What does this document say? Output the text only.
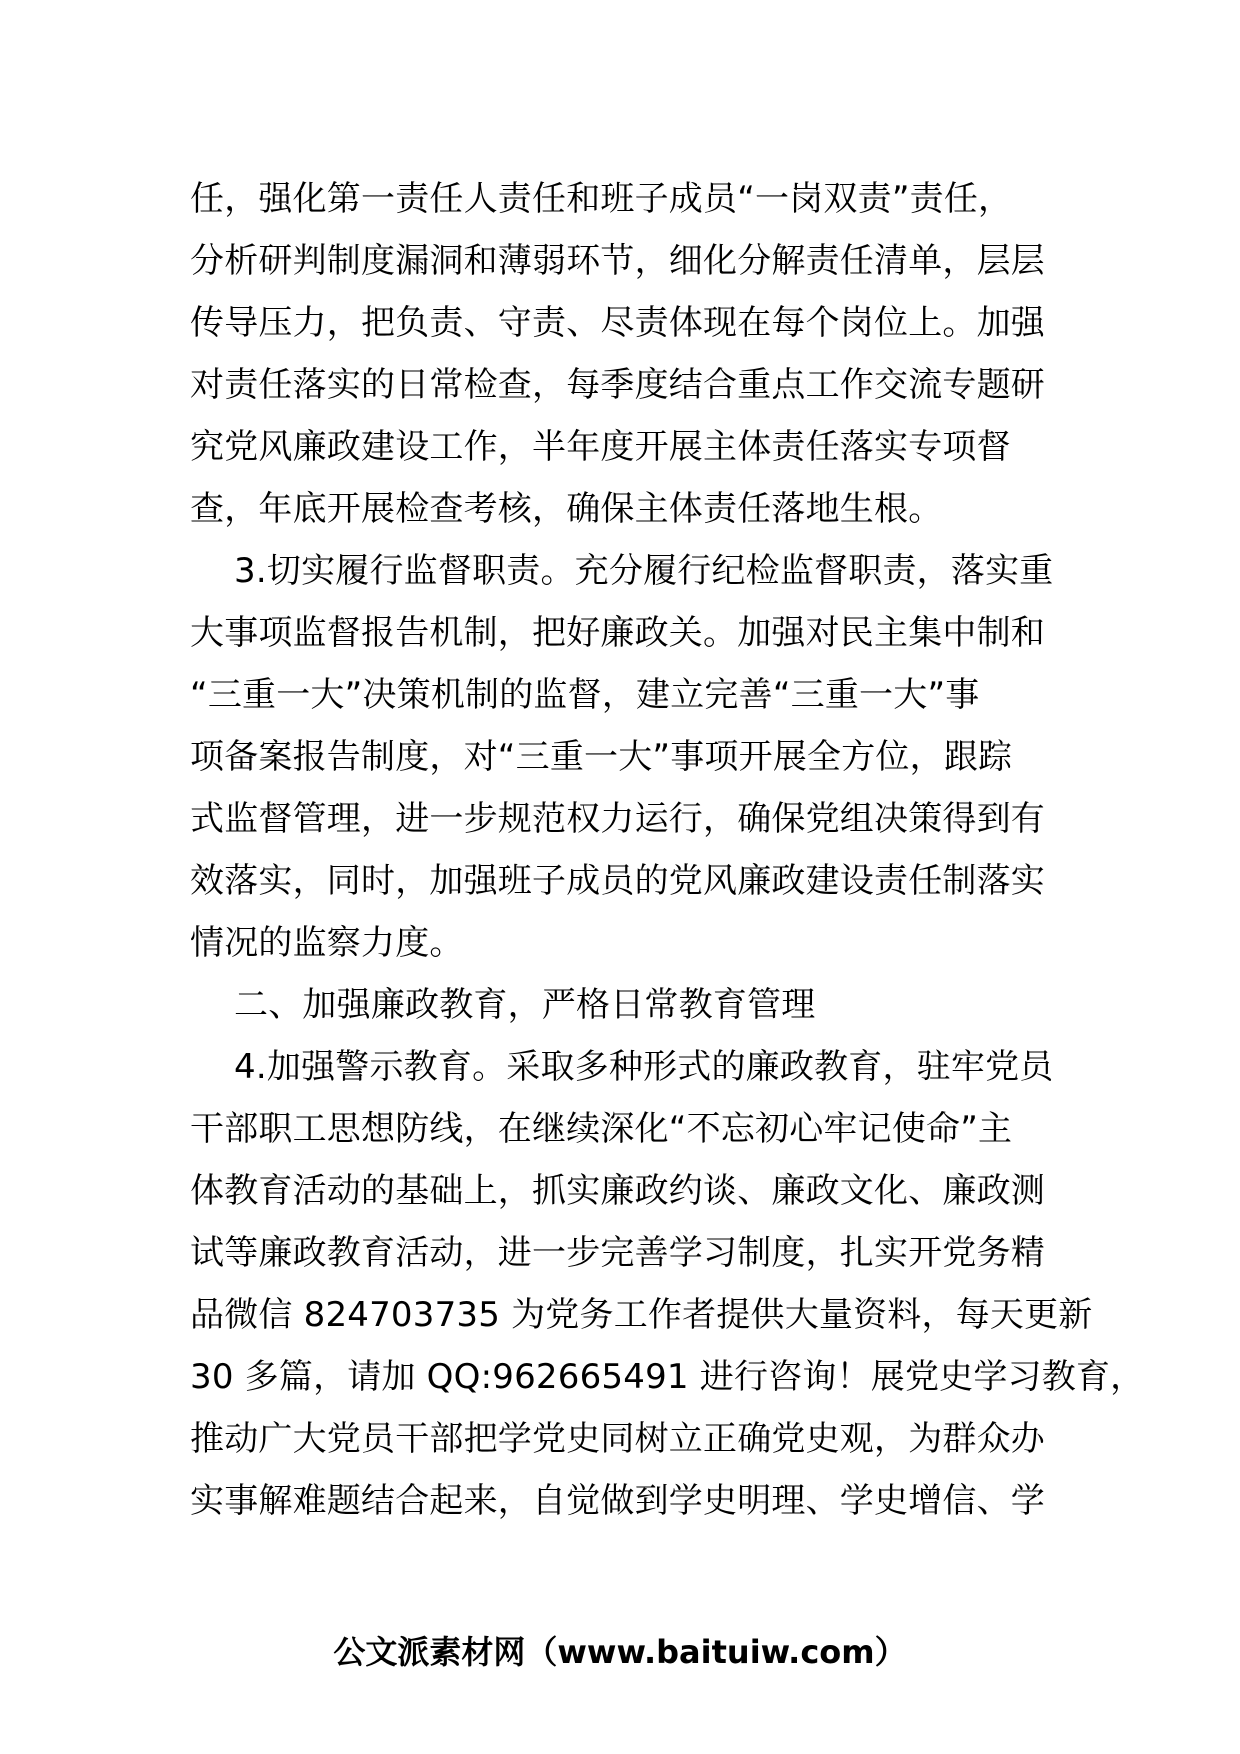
任，强化第一责任人责任和班子成员“一岗双责”责任，
分析研判制度漏洞和薄弱环节，细化分解责任清单，层层
传导压力，把负责、守责、尽责体现在每个岗位上。加强
对责任落实的日常检查，每季度结合重点工作交流专题研
究党风廉政建设工作，半年度开展主体责任落实专项督
查，年底开展检查考核，确保主体责任落地生根。
3.切实履行监督职责。充分履行纪检监督职责，落实重
大事项监督报告机制，把好廉政关。加强对民主集中制和
“三重一大”决策机制的监督，建立完善“三重一大”事
项备案报告制度，对“三重一大”事项开展全方位，跟踪
式监督管理，进一步规范权力运行，确保党组决策得到有
效落实，同时，加强班子成员的党风廉政建设责任制落实
情况的监察力度。
二、加强廉政教育，严格日常教育管理
4.加强警示教育。采取多种形式的廉政教育，驻牢党员
干部职工思想防线，在继续深化“不忘初心牢记使命”主
体教育活动的基础上，抓实廉政约谈、廉政文化、廉政测
试等廉政教育活动，进一步完善学习制度，扎实开党务精
品微信 824703735 为党务工作者提供大量资料，每天更新
30 多篇，请加 QQ:962665491 进行咨询！展党史学习教育，
推动广大党员干部把学党史同树立正确党史观，为群众办
实事解难题结合起来，自觉做到学史明理、学史增信、学
公文派素材网（www.baituiw.com）
